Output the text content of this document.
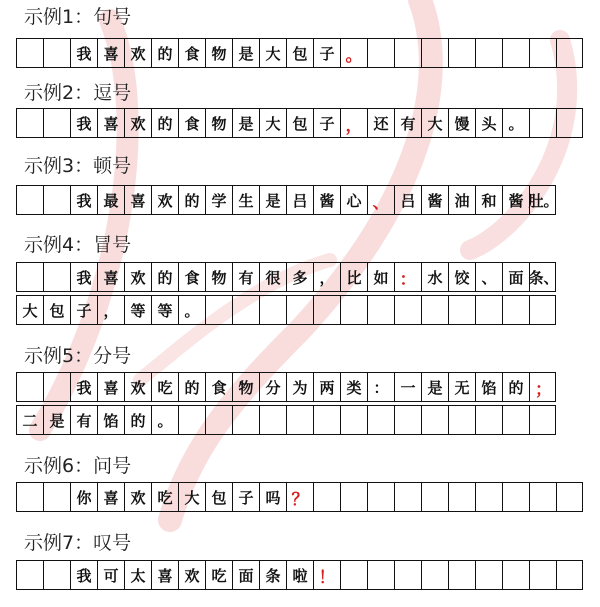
示例1：句号
我 喜 欢 的 食 物 是 大 包 子 。
示例2：逗号
我 喜 欢 的 食 物 是 大 包 子 ， 还 有 大 馒 头 。
示例3：顿号
我 最 喜 欢 的 学 生 是 吕 酱 心 、 吕 酱 油 和 酱 肚。
示例4：冒号
我 喜 欢 的 食 物 有 很 多 ， 比 如 ： 水 饺 、 面 条、
大 包 子 ， 等 等 。
示例5：分号
我 喜 欢 吃 的 食 物 分 为 两 类 ： 一 是 无 馅 的 ；
二 是 有 馅 的 。
示例6：问号
你 喜 欢 吃 大 包 子 吗 ？
示例7：叹号
我 可 太 喜 欢 吃 面 条 啦 ！
